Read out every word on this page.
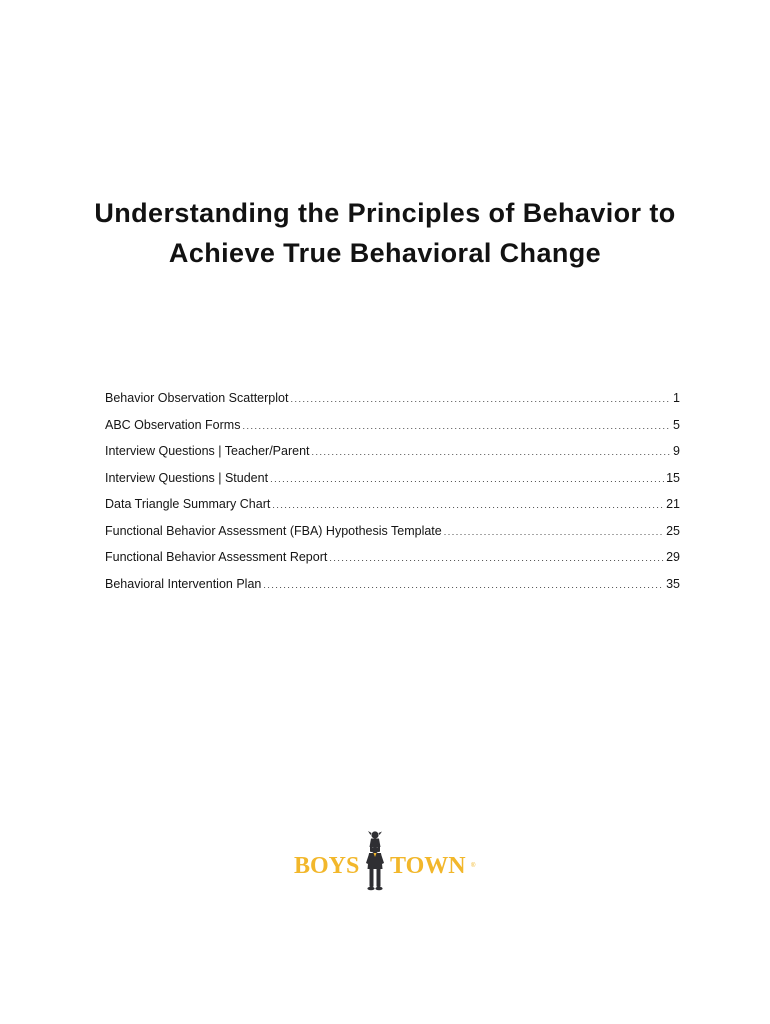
Understanding the Principles of Behavior to
Achieve True Behavioral Change
Behavior Observation Scatterplot .....	1
ABC Observation Forms .....	5
Interview Questions | Teacher/Parent .....	9
Interview Questions | Student .....	15
Data Triangle Summary Chart .....	21
Functional Behavior Assessment (FBA) Hypothesis Template .....	25
Functional Behavior Assessment Report .....	29
Behavioral Intervention Plan .....	35
BOYS TOWN ®
